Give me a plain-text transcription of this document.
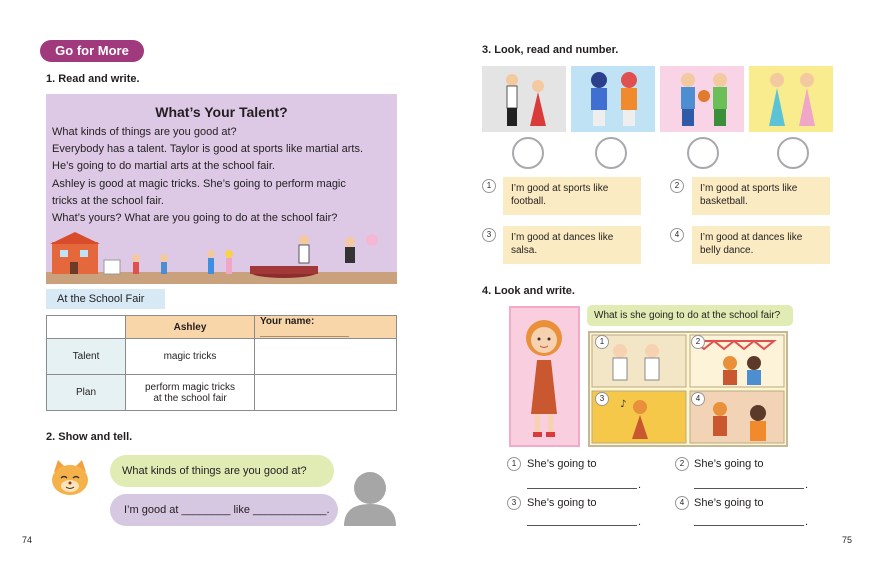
Go for More
1. Read and write.
What’s Your Talent?
What kinds of things are you good at?
Everybody has a talent. Taylor is good at sports like martial arts.
He’s going to do martial arts at the school fair.
Ashley is good at magic tricks. She’s going to perform magic
tricks at the school fair.
What’s yours? What are you going to do at the school fair?
At the School Fair
	Ashley	Your name: ________________
Talent	magic tricks	
Plan	perform magic tricks
at the school fair	

2. Show and tell.
What kinds of things are you good at?
I’m good at ________ like ____________.
74
3. Look, read and number.
1	I’m good at sports like
football.
2	I’m good at sports like
basketball.
3	I’m good at dances like
salsa.
4	I’m good at dances like
belly dance.
4. Look and write.
What is she going to do at the school fair?
♪
1	2
3	4
1 She’s going to
.
2 She’s going to
.
3 She’s going to
.
4 She’s going to
.
75
